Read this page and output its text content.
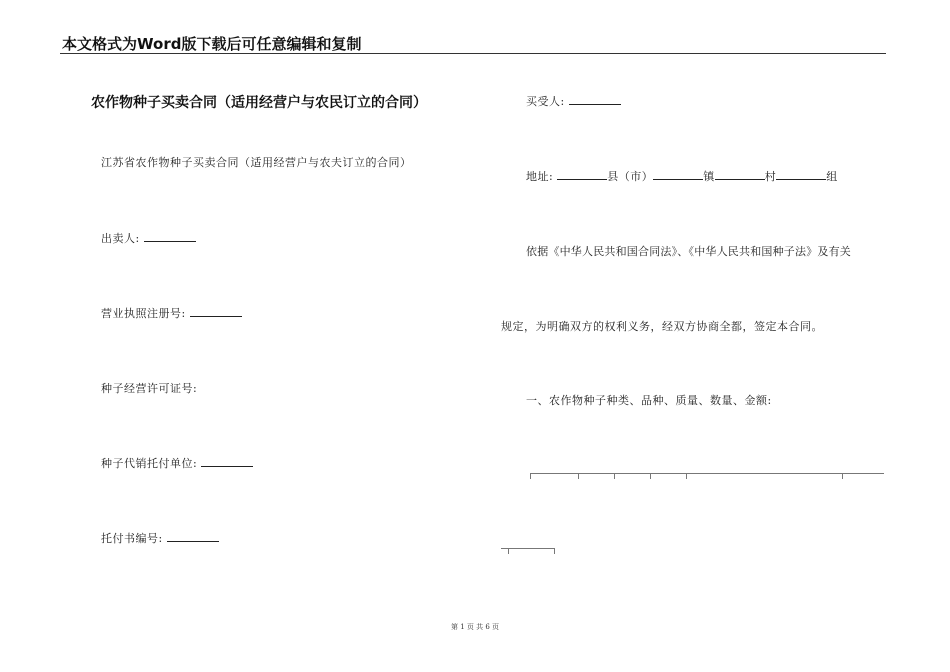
本文格式为Word版下载后可任意编辑和复制
农作物种子买卖合同（适用经营户与农民订立的合同）
江苏省农作物种子买卖合同（适用经营户与农夫订立的合同）
出卖人:
营业执照注册号:
种子经营许可证号:
种子代销托付单位:
托付书编号:
买受人:
地址:	县（市）	镇	村	组
依据《中华人民共和国合同法》、《中华人民共和国种子法》及有关
规定，为明确双方的权利义务，经双方协商全都，签定本合同。
一、农作物种子种类、品种、质量、数量、金额:
第 1 页 共 6 页
